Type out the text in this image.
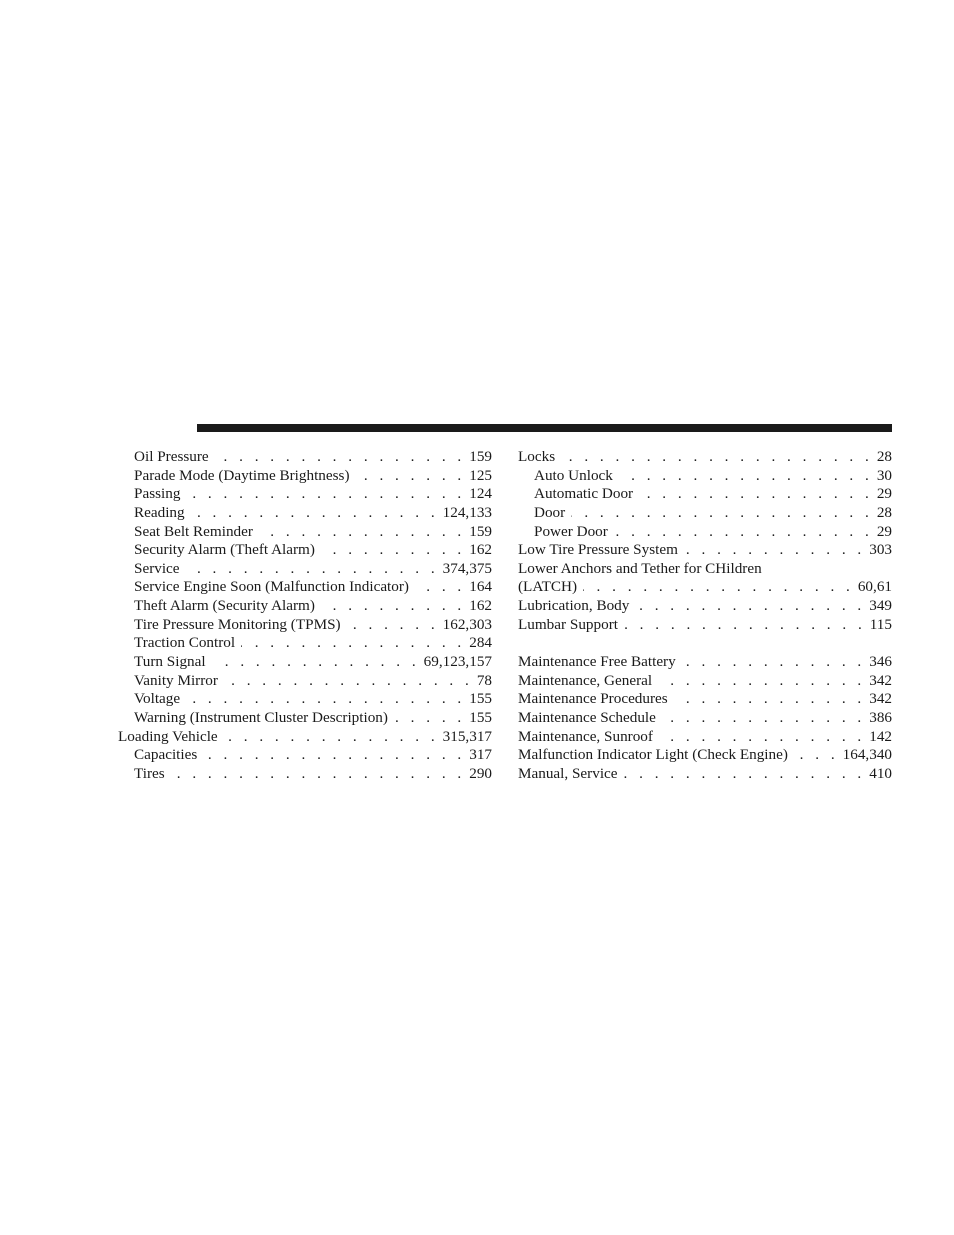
Oil Pressure . . .	159
Parade Mode (Daytime Brightness) . . .	125
Passing . . .	124
Reading . . .	124,133
Seat Belt Reminder . . .	159
Security Alarm (Theft Alarm) . . .	162
Service . . .	374,375
Service Engine Soon (Malfunction Indicator) . . .	164
Theft Alarm (Security Alarm) . . .	162
Tire Pressure Monitoring (TPMS) . . .	162,303
Traction Control . . .	284
Turn Signal . . .	69,123,157
Vanity Mirror . . .	78
Voltage . . .	155
Warning (Instrument Cluster Description) . . .	155
Loading Vehicle . . .	315,317
Capacities . . .	317
Tires . . .	290
Locks . . .	28
Auto Unlock . . .	30
Automatic Door . . .	29
Door . . .	28
Power Door . . .	29
Low Tire Pressure System . . .	303
Lower Anchors and Tether for CHildren
(LATCH) . . .	60,61
Lubrication, Body . . .	349
Lumbar Support . . .	115
Maintenance Free Battery . . .	346
Maintenance, General . . .	342
Maintenance Procedures . . .	342
Maintenance Schedule . . .	386
Maintenance, Sunroof . . .	142
Malfunction Indicator Light (Check Engine) . . .	164,340
Manual, Service . . .	410
